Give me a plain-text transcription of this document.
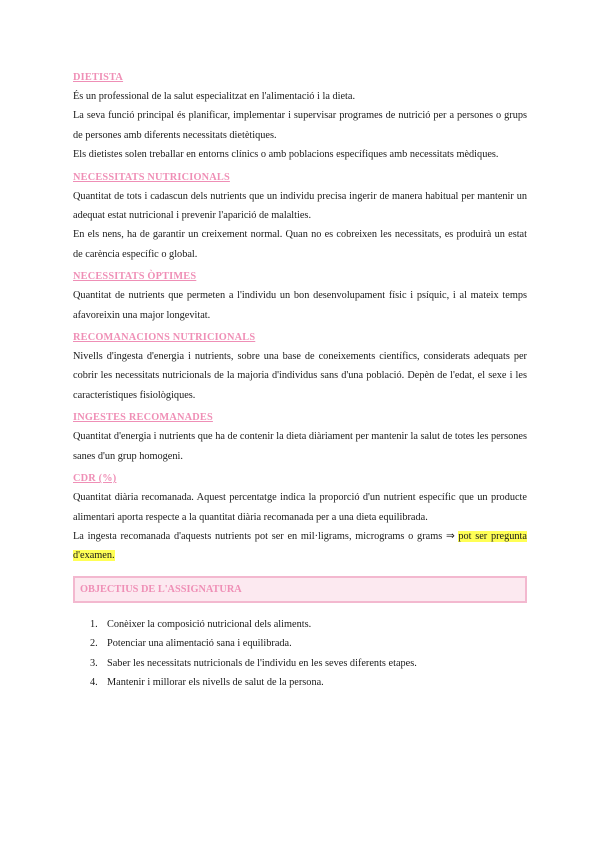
DIETISTA

És un professional de la salut especialitzat en l'alimentació i la dieta.

La seva funció principal és planificar, implementar i supervisar programes de nutrició per a persones o grups de persones amb diferents necessitats dietètiques.

Els dietistes solen treballar en entorns clínics o amb poblacions específiques amb necessitats mèdiques.

NECESSITATS NUTRICIONALS

Quantitat de tots i cadascun dels nutrients que un individu precisa ingerir de manera habitual per mantenir un adequat estat nutricional i prevenir l'aparició de malalties.

En els nens, ha de garantir un creixement normal. Quan no es cobreixen les necessitats, es produirà un estat de carència específic o global.

NECESSITATS ÒPTIMES

Quantitat de nutrients que permeten a l'individu un bon desenvolupament físic i psíquic, i al mateix temps afavoreixin una major longevitat.

RECOMANACIONS NUTRICIONALS

Nivells d'ingesta d'energia i nutrients, sobre una base de coneixements científics, considerats adequats per cobrir les necessitats nutricionals de la majoria d'individus sans d'una població. Depèn de l'edat, el sexe i les característiques fisiològiques.

INGESTES RECOMANADES

Quantitat d'energia i nutrients que ha de contenir la dieta diàriament per mantenir la salut de totes les persones sanes d'un grup homogeni.

CDR (%)

Quantitat diària recomanada. Aquest percentatge indica la proporció d'un nutrient específic que un producte alimentari aporta respecte a la quantitat diària recomanada per a una dieta equilibrada.

La ingesta recomanada d'aquests nutrients pot ser en mil·ligrams, micrograms o grams ⇒ pot ser pregunta d'examen.

OBJECTIUS DE L'ASSIGNATURA
1. Conèixer la composició nutricional dels aliments.
2. Potenciar una alimentació sana i equilibrada.
3. Saber les necessitats nutricionals de l'individu en les seves diferents etapes.
4. Mantenir i millorar els nivells de salut de la persona.
